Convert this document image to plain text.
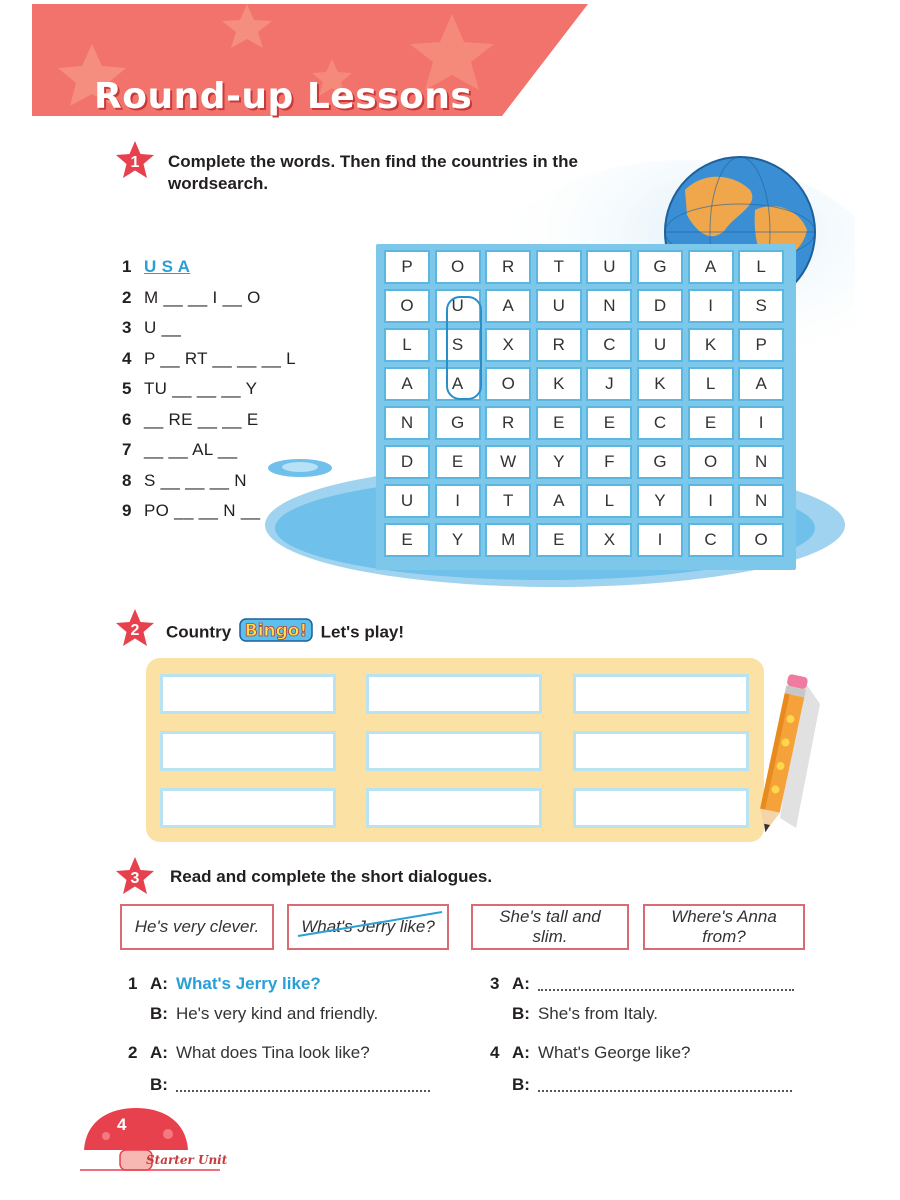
Round-up Lessons
1	Complete the words. Then find the countries in the
wordsearch.
1 U S A
2 M __ __ I __ O
3 U __
4 P __ RT __ __ __ L
5 TU __ __ __ Y
6 __ RE __ __ E
7 __ __ AL __
8 S __ __ __ N
9 PO __ __ N __
P	O	R	T	U	G	A	L
O	U	A	U	N	D	I	S
L	S	X	R	C	U	K	P
A	A	O	K	J	K	L	A
N	G	R	E	E	C	E	I
D	E	W	Y	F	G	O	N
U	I	T	A	L	Y	I	N
E	Y	M	E	X	I	C	O
2	Country Bingo! Let's play!
3	Read and complete the short dialogues.
He's very clever. What's Jerry like?
She's tall and
slim.
Where's Anna
from?
1 A: What's Jerry like?
B: He's very kind and friendly.
2 A: What does Tina look like?
B:
3 A:
B: She's from Italy.
4 A: What's George like?
B:
4
Starter Unit
